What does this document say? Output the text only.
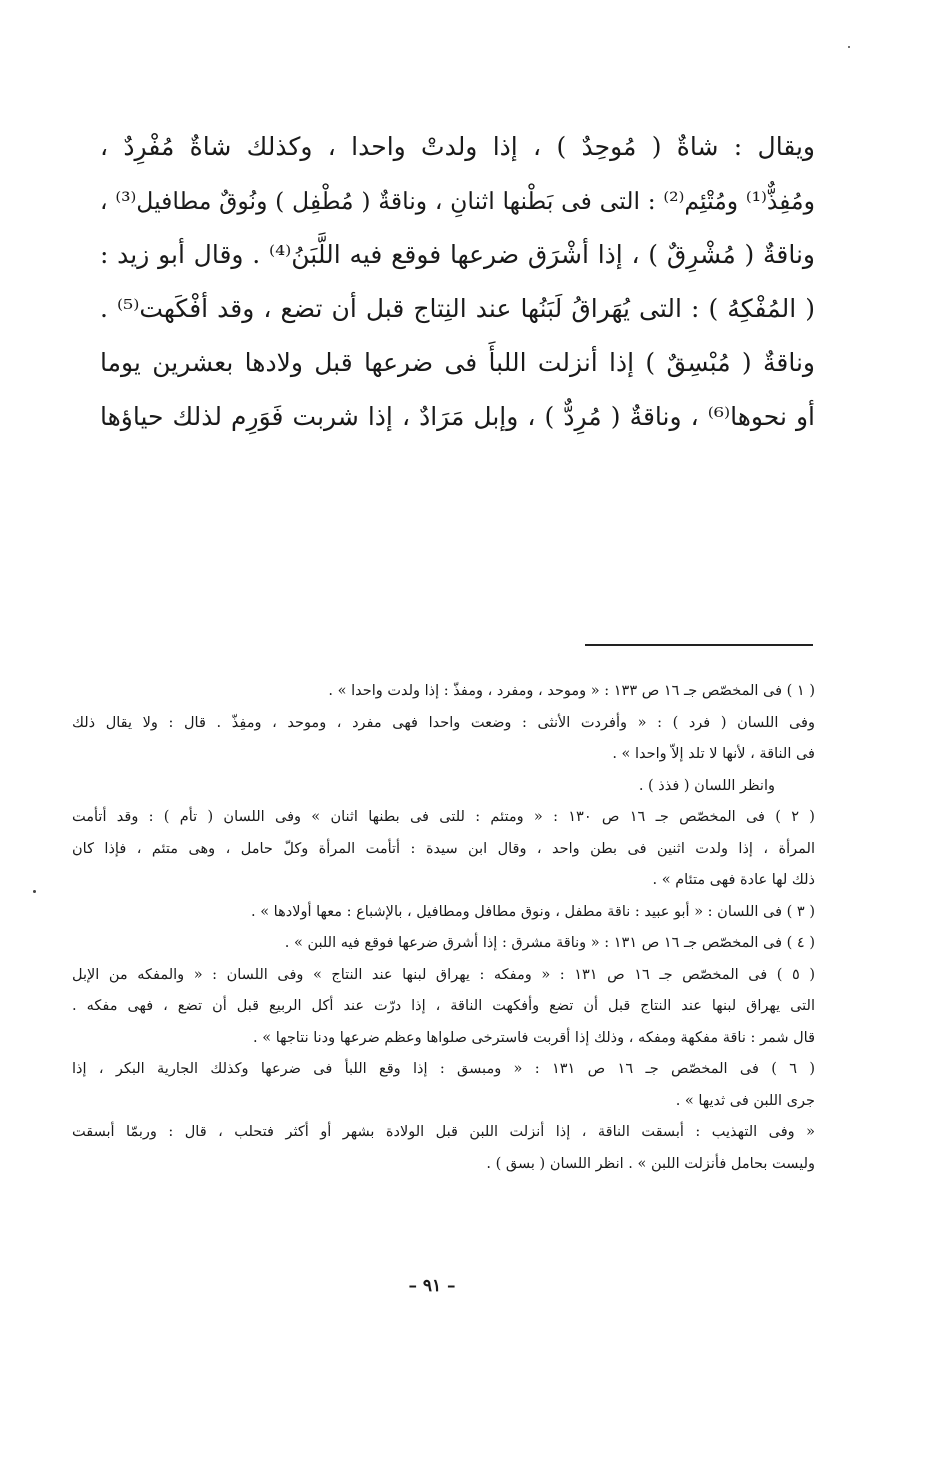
ويقال : شاةٌ ( مُوحِدٌ ) ، إذا ولدتْ واحدا ، وكذلك شاةٌ مُفْرِدٌ ،
ومُفِذٌّ⁽¹⁾ ومُتْئِم⁽²⁾ : التى فى بَطْنها اثنانِ ، وناقةٌ ( مُطْفِل ) ونُوقٌ مطافيل⁽³⁾ ،
وناقةٌ ( مُشْرِقٌ ) ، إذا أشْرَق ضرعها فوقع فيه اللَّبَنُ⁽⁴⁾ . وقال أبو زيد :
( المُفْكِهُ ) : التى يُهَراقُ لَبَنُها عند النِتاج قبل أن تضع ، وقد أفْكَهت⁽⁵⁾ .
وناقةٌ ( مُبْسِقٌ ) إذا أنزلت اللبأَ فى ضرعها قبل ولادها بعشرين يوما
أو نحوها⁽⁶⁾ ، وناقةٌ ( مُرِدٌّ ) ، وإبل مَرَادٌ ، إذا شربت فَوَرِم لذلك حياؤها
( ١ ) فى المخصّص جـ ١٦ ص ١٣٣ : « وموحد ، ومفرد ، ومفذّ : إذا ولدت واحدا » .
وفى اللسان ( فرد ) : « وأفردت الأنثى : وضعت واحدا فهى مفرد ، وموحد ، ومفِذّ . قال : ولا يقال ذلك
فى الناقة ، لأنها لا تلد إلاّ واحدا » .
وانظر اللسان ( فذذ ) .
( ٢ ) فى المخصّص جـ ١٦ ص ١٣٠ : « ومتئم : للتى فى بطنها اثنان » وفى اللسان ( تأم ) : وقد أتأمت
المرأة ، إذا ولدت اثنين فى بطن واحد ، وقال ابن سيدة : أتأمت المرأة وكلّ حامل ، وهى متئم ، فإذا كان
ذلك لها عادة فهى متئام » .
( ٣ ) فى اللسان : « أبو عبيد : ناقة مطفل ، ونوق مطافل ومطافيل ، بالإشباع : معها أولادها » .
( ٤ ) فى المخصّص جـ ١٦ ص ١٣١ : « وناقة مشرق : إذا أشرق ضرعها فوقع فيه اللبن » .
( ٥ ) فى المخصّص جـ ١٦ ص ١٣١ : « ومفكه : يهراق لبنها عند النتاج » وفى اللسان : « والمفكه من الإبل
التى يهراق لبنها عند النتاج قبل أن تضع وأفكهت الناقة ، إذا درّت عند أكل الربيع قبل أن تضع ، فهى مفكه .
قال شمر : ناقة مفكهة ومفكه ، وذلك إذا أقربت فاسترخى صلواها وعظم ضرعها ودنا نتاجها » .
( ٦ ) فى المخصّص جـ ١٦ ص ١٣١ : « ومبسق : إذا وقع اللبأ فى ضرعها وكذلك الجارية البكر ، إذا
جرى اللبن فى ثديها » .
« وفى التهذيب : أبسقت الناقة ، إذا أنزلت اللبن قبل الولادة بشهر أو أكثر فتحلب ، قال : وربمّا أبسقت
وليست بحامل فأنزلت اللبن » . انظر اللسان ( بسق ) .
– ٩١ –
